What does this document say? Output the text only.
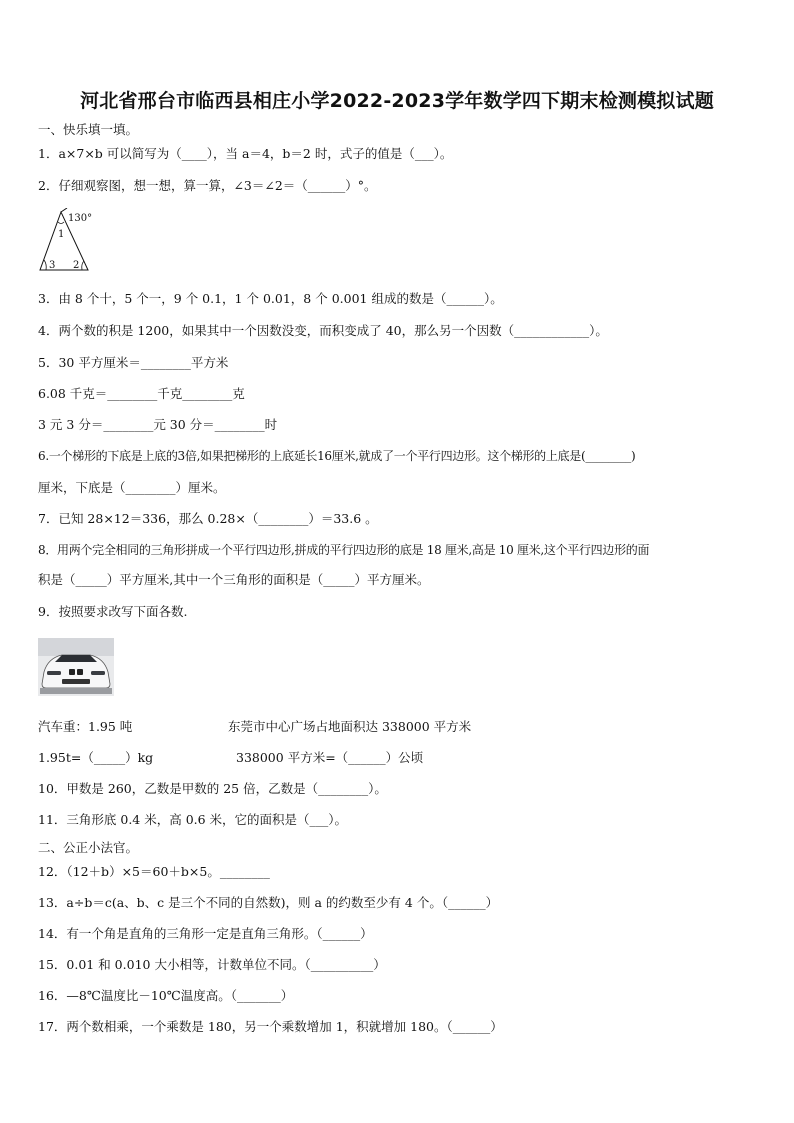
河北省邢台市临西县相庄小学2022-2023学年数学四下期末检测模拟试题
一、快乐填一填。
1．a×7×b 可以简写为（____），当 a＝4，b＝2 时，式子的值是（___）。
2．仔细观察图，想一想，算一算，∠3＝∠2＝（______）°。
130°
1
3 2
3．由 8 个十，5 个一，9 个 0.1，1 个 0.01，8 个 0.001 组成的数是（______）。
4．两个数的积是 1200，如果其中一个因数没变，而积变成了 40，那么另一个因数（____________）。
5．30 平方厘米＝________平方米
6.08 千克＝________千克________克
3 元 3 分＝________元 30 分＝________时
6.一个梯形的下底是上底的3倍,如果把梯形的上底延长16厘米,就成了一个平行四边形。这个梯形的上底是(________)
厘米，下底是（________）厘米。
7．已知 28×12＝336，那么 0.28×（________）＝33.6 。
8．用两个完全相同的三角形拼成一个平行四边形,拼成的平行四边形的底是 18 厘米,高是 10 厘米,这个平行四边形的面
积是（_____）平方厘米,其中一个三角形的面积是（_____）平方厘米。
9．按照要求改写下面各数.
汽车重：1.95 吨	东莞市中心广场占地面积达 338000 平方米
1.95t=（_____）kg	338000 平方米=（______）公顷
10．甲数是 260，乙数是甲数的 25 倍，乙数是（________）。
11．三角形底 0.4 米，高 0.6 米，它的面积是（___）。
二、公正小法官。
12．（12＋b）×5＝60＋b×5。________
13．a÷b＝c(a、b、c 是三个不同的自然数)，则 a 的约数至少有 4 个。（______）
14．有一个角是直角的三角形一定是直角三角形。（______）
15．0.01 和 0.010 大小相等，计数单位不同。（__________）
16．—8℃温度比－10℃温度高。（_______）
17．两个数相乘，一个乘数是 180，另一个乘数增加 1，积就增加 180。（______）
